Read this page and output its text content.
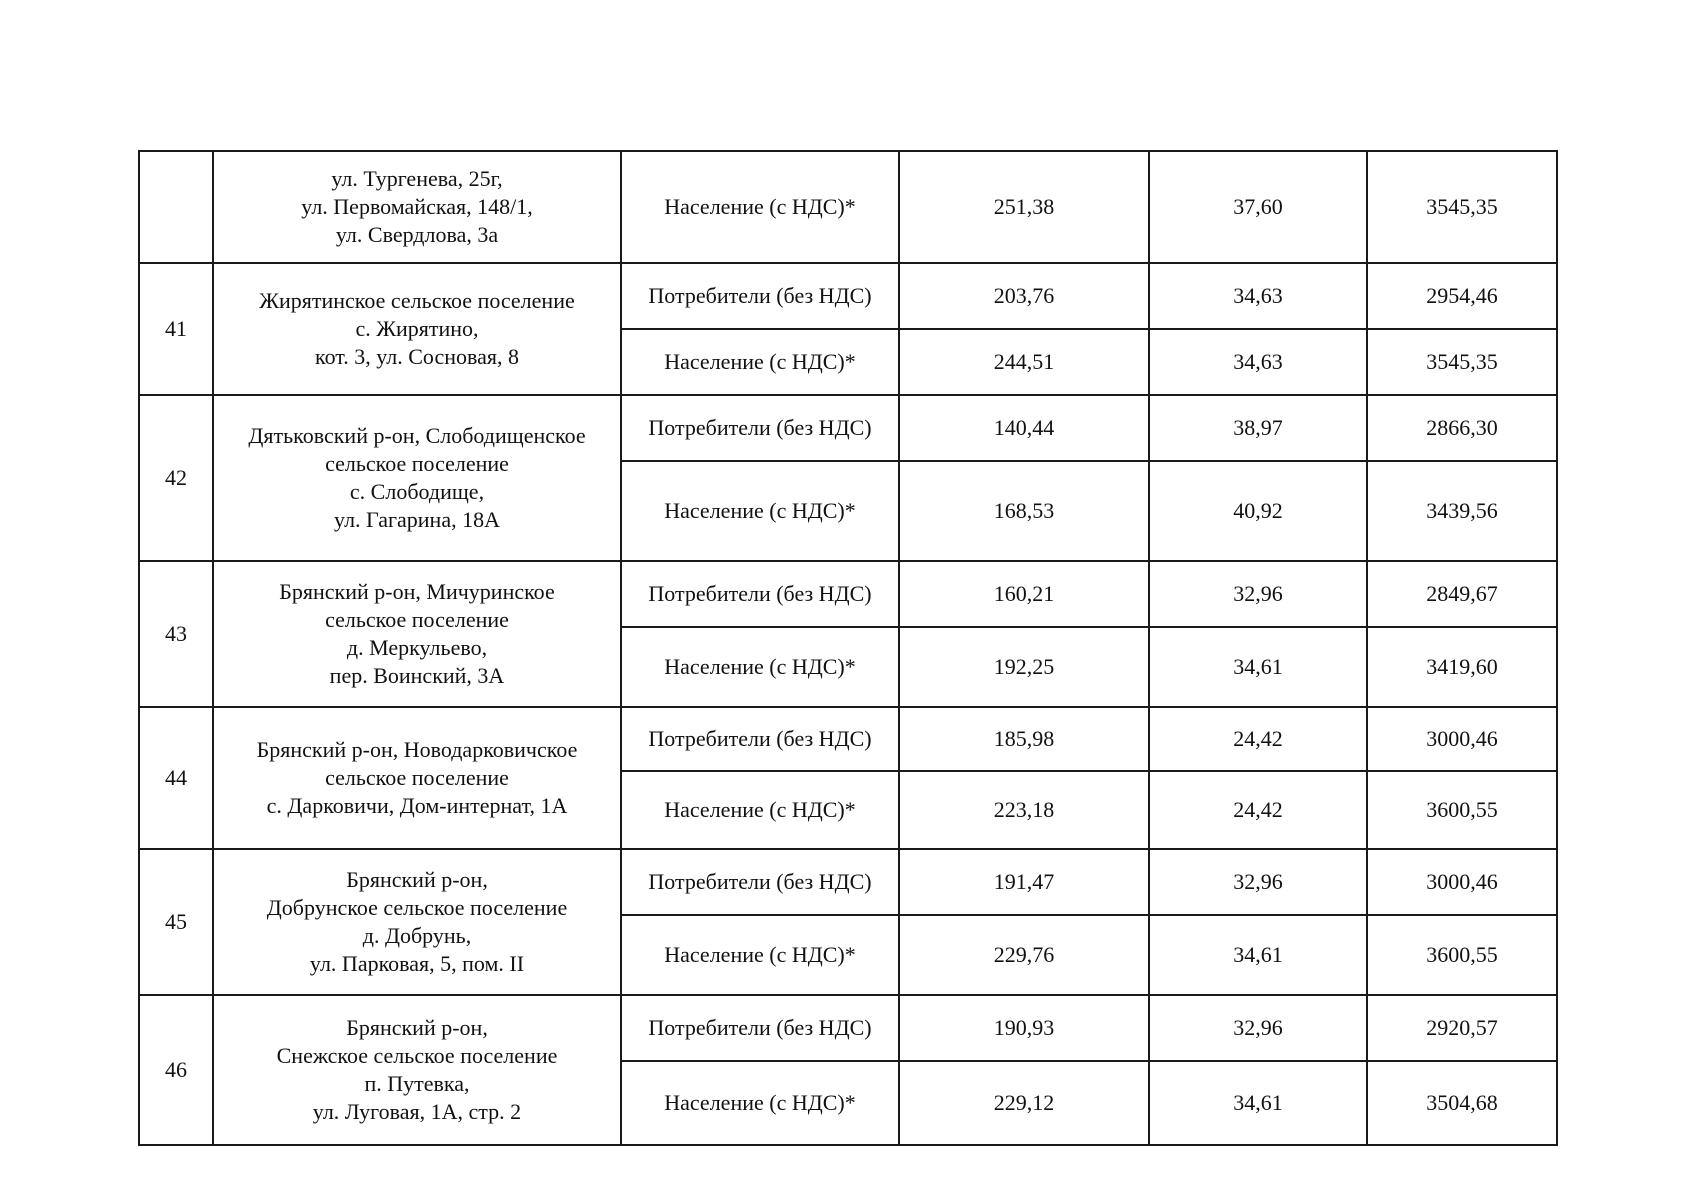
	ул. Тургенева, 25г,
ул. Первомайская, 148/1,
ул. Свердлова, 3а	Население (с НДС)*	251,38	37,60	3545,35
41	Жирятинское сельское поселение
с. Жирятино,
кот. 3, ул. Сосновая, 8	Потребители (без НДС)	203,76	34,63	2954,46
		Население (с НДС)*	244,51	34,63	3545,35
42	Дятьковский р-он, Слободищенское
сельское поселение
с. Слободище,
ул. Гагарина, 18А	Потребители (без НДС)	140,44	38,97	2866,30
		Население (с НДС)*	168,53	40,92	3439,56
43	Брянский р-он, Мичуринское
сельское поселение
д. Меркульево,
пер. Воинский, 3А	Потребители (без НДС)	160,21	32,96	2849,67
		Население (с НДС)*	192,25	34,61	3419,60
44	Брянский р-он, Новодарковичское
сельское поселение
с. Дарковичи, Дом-интернат, 1А	Потребители (без НДС)	185,98	24,42	3000,46
		Население (с НДС)*	223,18	24,42	3600,55
45	Брянский р-он,
Добрунское сельское поселение
д. Добрунь,
ул. Парковая, 5, пом. II	Потребители (без НДС)	191,47	32,96	3000,46
		Население (с НДС)*	229,76	34,61	3600,55
46	Брянский р-он,
Снежское сельское поселение
п. Путевка,
ул. Луговая, 1А, стр. 2	Потребители (без НДС)	190,93	32,96	2920,57
		Население (с НДС)*	229,12	34,61	3504,68
